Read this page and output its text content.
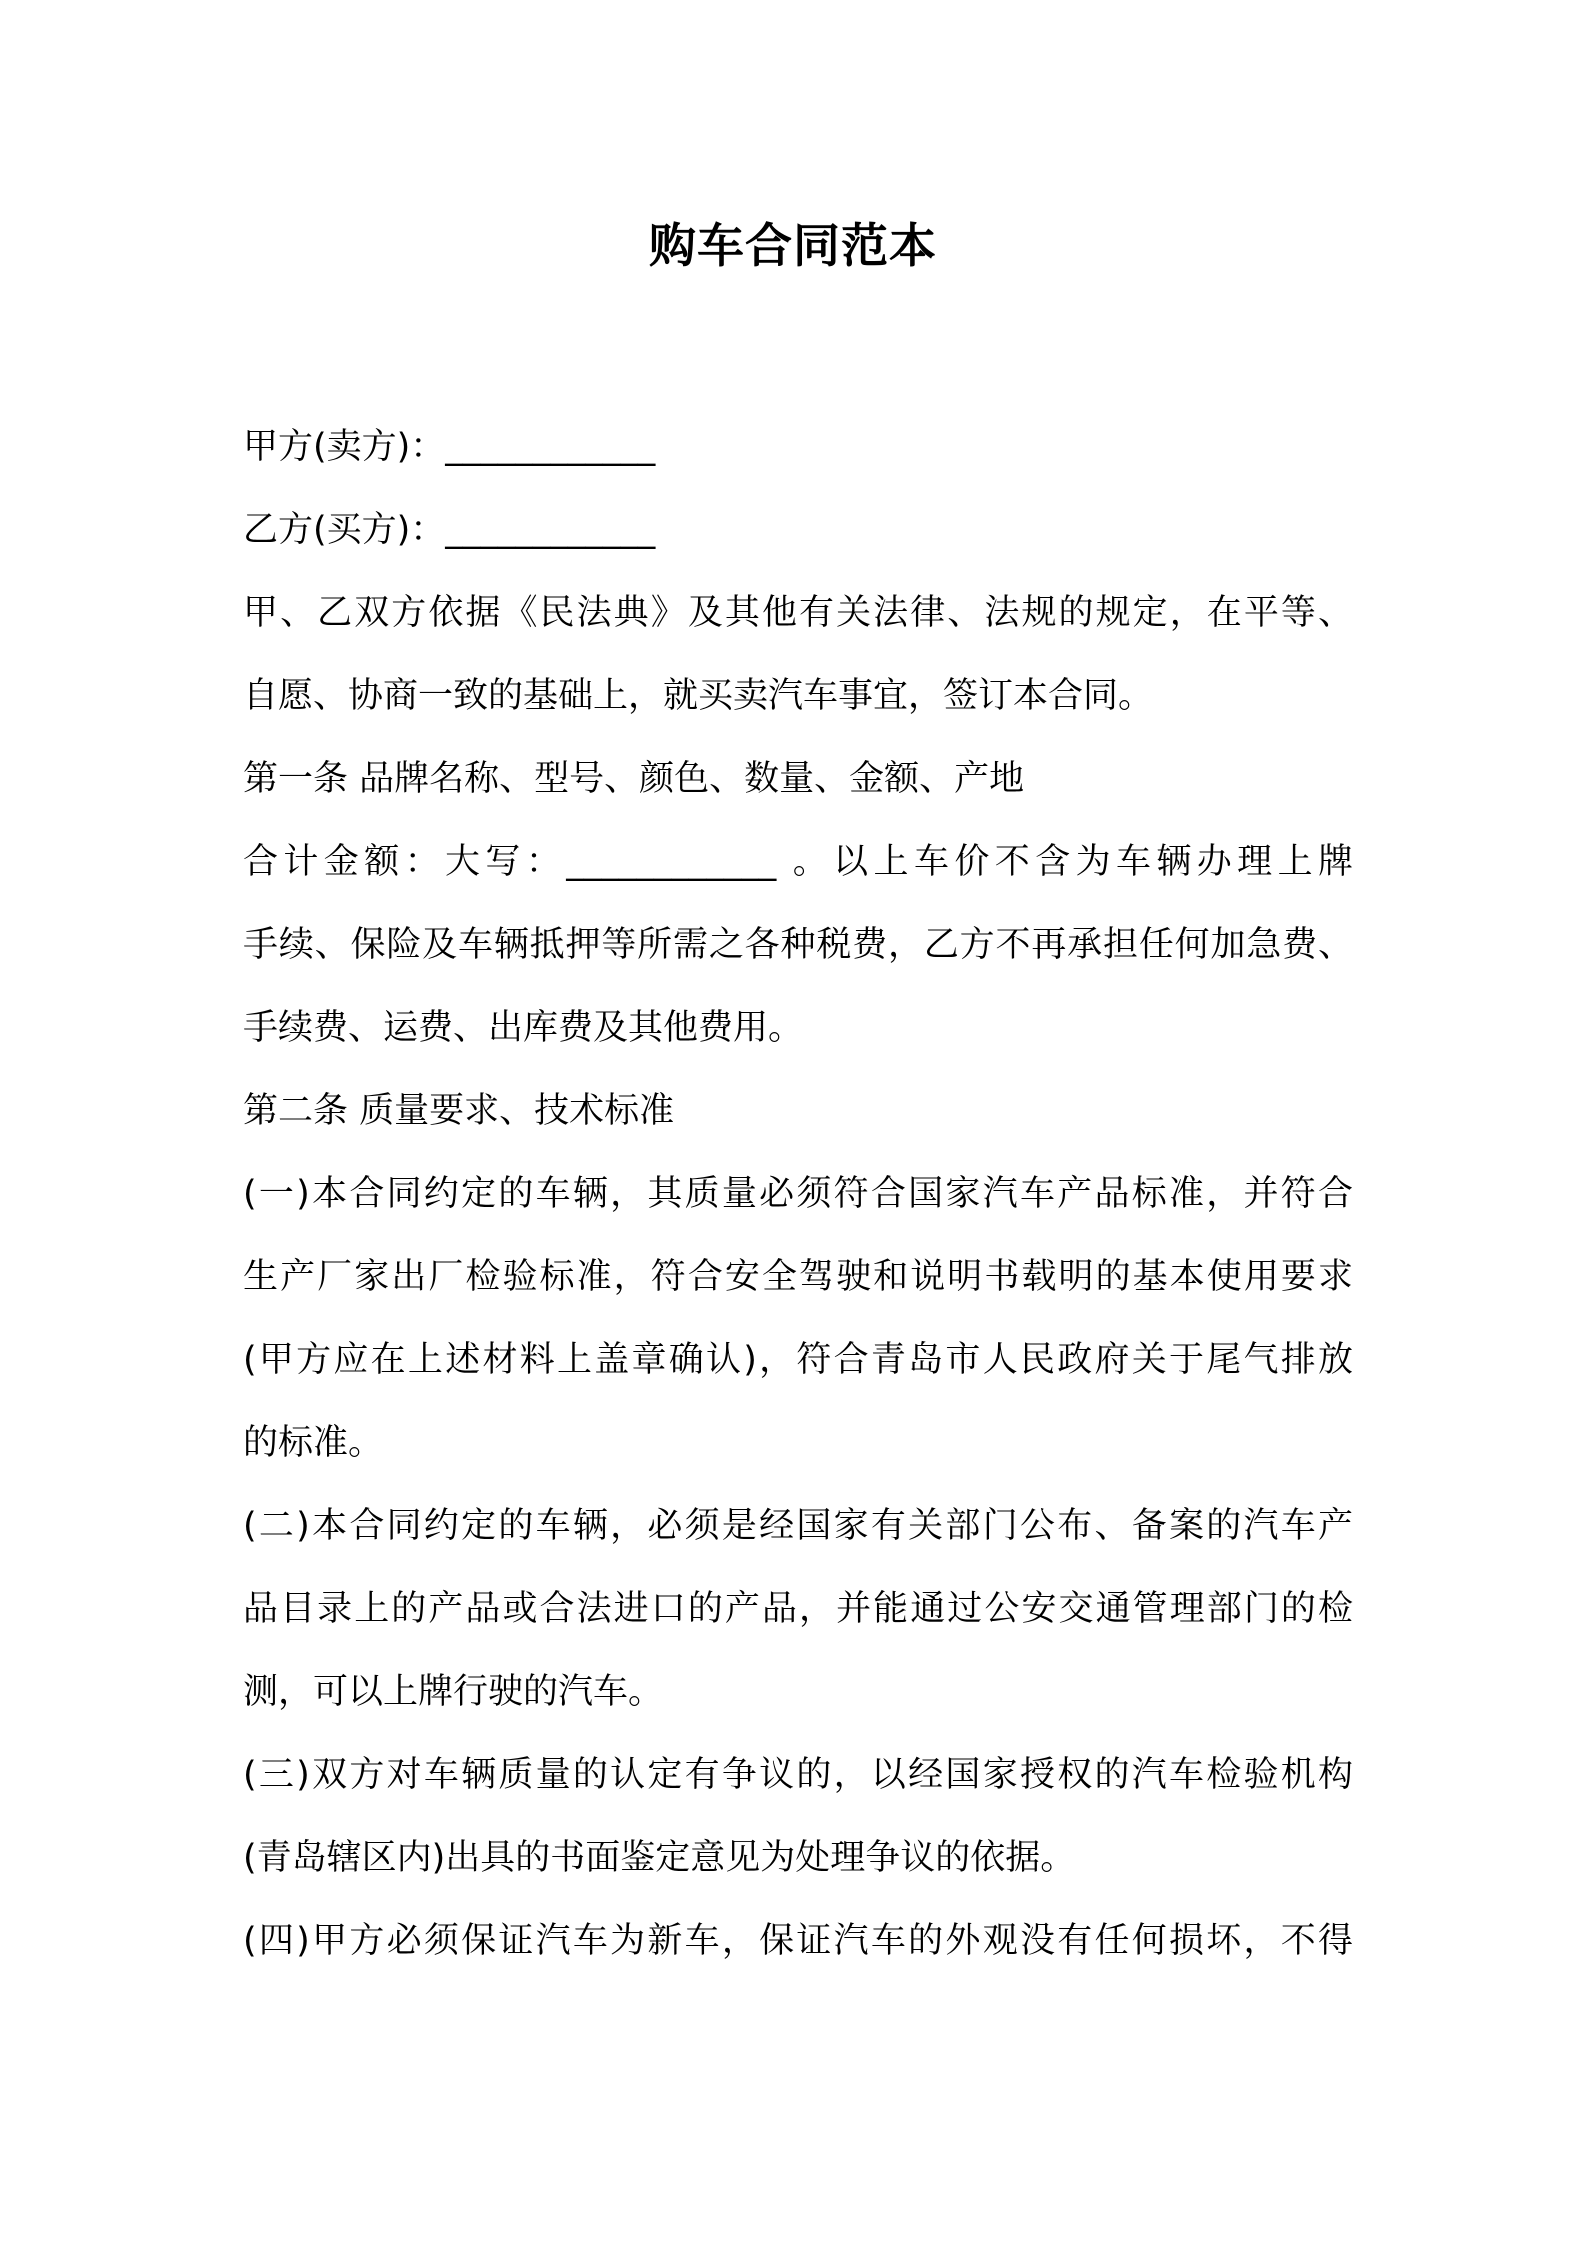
购车合同范本
甲方(卖方)：____________
乙方(买方)：____________
甲、乙双方依据《民法典》及其他有关法律、法规的规定，在平等、
自愿、协商一致的基础上，就买卖汽车事宜，签订本合同。
第一条 品牌名称、型号、颜色、数量、金额、产地
合计金额：大写：____________ 。以上车价不含为车辆办理上牌
手续、保险及车辆抵押等所需之各种税费，乙方不再承担任何加急费、
手续费、运费、出库费及其他费用。
第二条 质量要求、技术标准
(一)本合同约定的车辆，其质量必须符合国家汽车产品标准，并符合
生产厂家出厂检验标准，符合安全驾驶和说明书载明的基本使用要求
(甲方应在上述材料上盖章确认)，符合青岛市人民政府关于尾气排放
的标准。
(二)本合同约定的车辆，必须是经国家有关部门公布、备案的汽车产
品目录上的产品或合法进口的产品，并能通过公安交通管理部门的检
测，可以上牌行驶的汽车。
(三)双方对车辆质量的认定有争议的，以经国家授权的汽车检验机构
(青岛辖区内)出具的书面鉴定意见为处理争议的依据。
(四)甲方必须保证汽车为新车，保证汽车的外观没有任何损坏，不得
